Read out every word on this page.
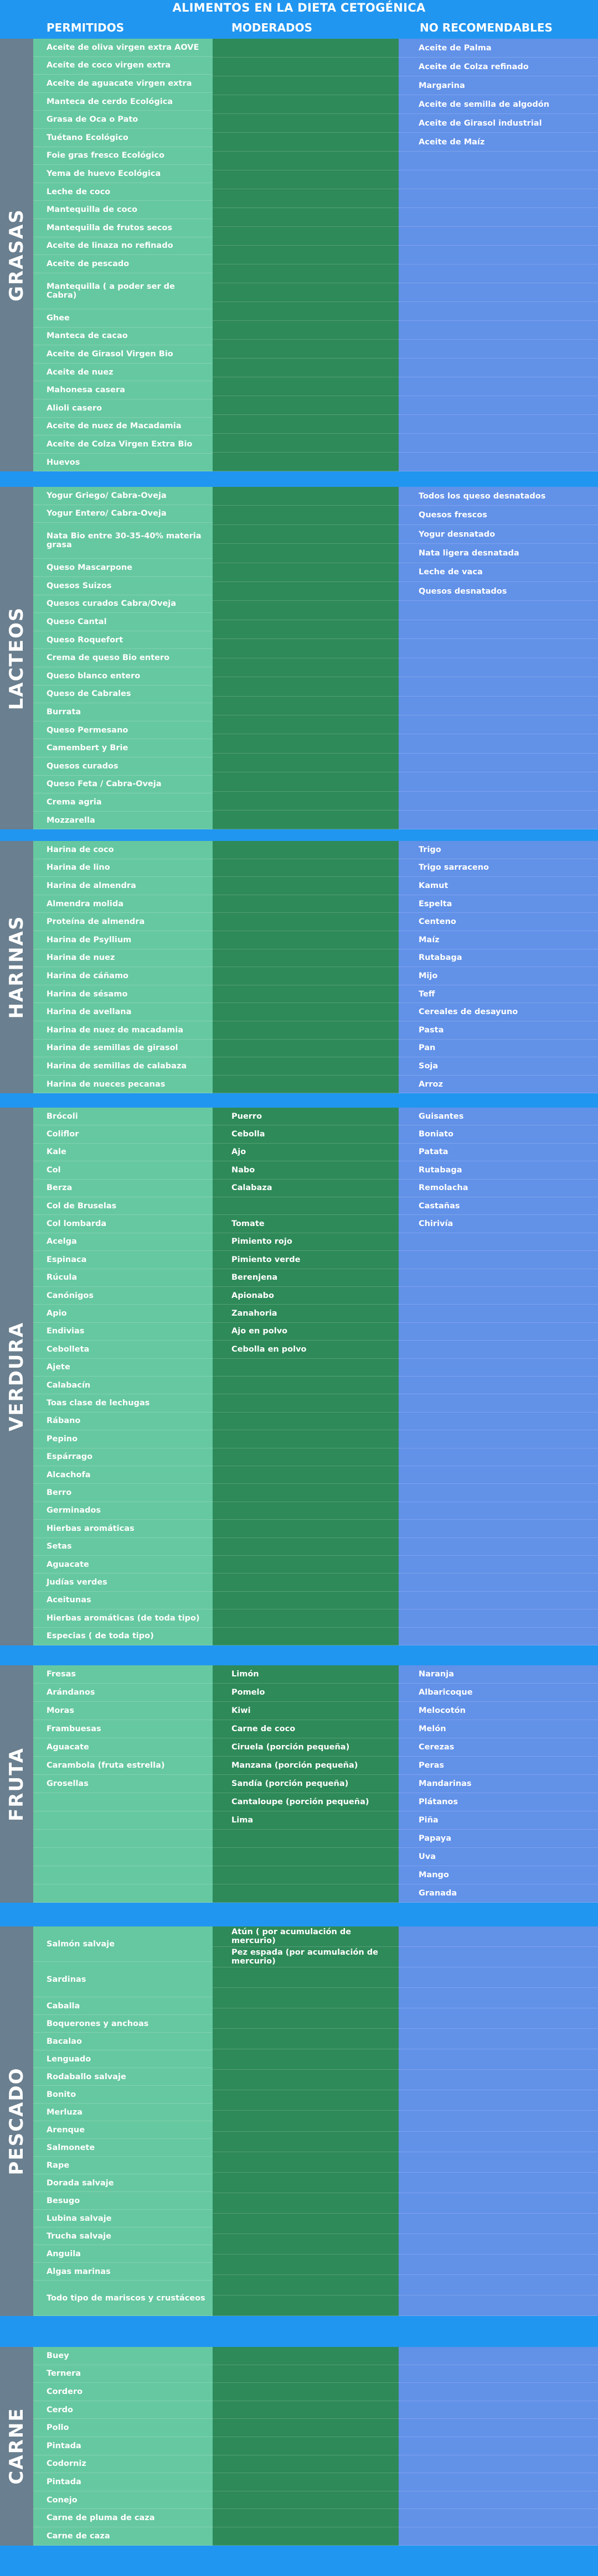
ALIMENTOS EN LA DIETA CETOGÉNICA
PERMITIDOS	MODERADOS	NO RECOMENDABLES
GRASAS
Aceite de oliva virgen extra AOVE
Aceite de coco virgen extra
Aceite de aguacate virgen extra
Manteca de cerdo Ecológica
Grasa de Oca o Pato
Tuétano Ecológico
Foie gras fresco Ecológico
Yema de huevo Ecológica
Leche de coco
Mantequilla de coco
Mantequilla de frutos secos
Aceite de linaza no refinado
Aceite de pescado
Mantequilla ( a poder ser de Cabra)
Ghee
Manteca de cacao
Aceite de Girasol Virgen Bio
Aceite de nuez
Mahonesa casera
Alioli casero
Aceite de nuez de Macadamia
Aceite de Colza Virgen Extra Bio
Huevos
Aceite de Palma
Aceite de Colza refinado
Margarina
Aceite de semilla de algodón
Aceite de Girasol industrial
Aceite de Maíz
LACTEOS
Yogur Griego/ Cabra-Oveja
Yogur Entero/ Cabra-Oveja
Nata Bio entre 30-35-40% materia grasa
Queso Mascarpone
Quesos Suizos
Quesos curados Cabra/Oveja
Queso Cantal
Queso Roquefort
Crema de queso Bio entero
Queso blanco entero
Queso de Cabrales
Burrata
Queso Permesano
Camembert y Brie
Quesos curados
Queso Feta / Cabra-Oveja
Crema agria
Mozzarella
Todos los queso desnatados
Quesos frescos
Yogur desnatado
Nata ligera desnatada
Leche de vaca
Quesos desnatados
HARINAS
Harina de coco
Harina de lino
Harina de almendra
Almendra molida
Proteína de almendra
Harina de Psyllium
Harina de nuez
Harina de cáñamo
Harina de sésamo
Harina de avellana
Harina de nuez de macadamia
Harina de semillas de girasol
Harina de semillas de calabaza
Harina de nueces pecanas
Trigo
Trigo sarraceno
Kamut
Espelta
Centeno
Maíz
Rutabaga
Mijo
Teff
Cereales de desayuno
Pasta
Pan
Soja
Arroz
VERDURA
Brócoli
Coliflor
Kale
Col
Berza
Col de Bruselas
Col lombarda
Acelga
Espinaca
Rúcula
Canónigos
Apio
Endivias
Cebolleta
Ajete
Calabacín
Toas clase de lechugas
Rábano
Pepino
Espárrago
Alcachofa
Berro
Germinados
Hierbas aromáticas
Setas
Aguacate
Judías verdes
Aceitunas
Hierbas aromáticas (de toda tipo)
Especias ( de toda tipo)
Puerro
Cebolla
Ajo
Nabo
Calabaza
Tomate
Pimiento rojo
Pimiento verde
Berenjena
Apionabo
Zanahoria
Ajo en polvo
Cebolla en polvo
Guisantes
Boniato
Patata
Rutabaga
Remolacha
Castañas
Chirivía
FRUTA
Fresas
Arándanos
Moras
Frambuesas
Aguacate
Carambola (fruta estrella)
Grosellas
Limón
Pomelo
Kiwi
Carne de coco
Ciruela (porción pequeña)
Manzana (porción pequeña)
Sandía (porción pequeña)
Cantaloupe (porción pequeña)
Lima
Naranja
Albaricoque
Melocotón
Melón
Cerezas
Peras
Mandarinas
Plátanos
Piña
Papaya
Uva
Mango
Granada
PESCADO
Salmón salvaje
Sardinas
Caballa
Boquerones y anchoas
Bacalao
Lenguado
Rodaballo salvaje
Bonito
Merluza
Arenque
Salmonete
Rape
Dorada salvaje
Besugo
Lubina salvaje
Trucha salvaje
Anguila
Algas marinas
Todo tipo de mariscos y crustáceos
Atún ( por acumulación de mercurio)
Pez espada (por acumulación de mercurio)
CARNE
Buey
Ternera
Cordero
Cerdo
Pollo
Pintada
Codorniz
Pintada
Conejo
Carne de pluma de caza
Carne de caza
